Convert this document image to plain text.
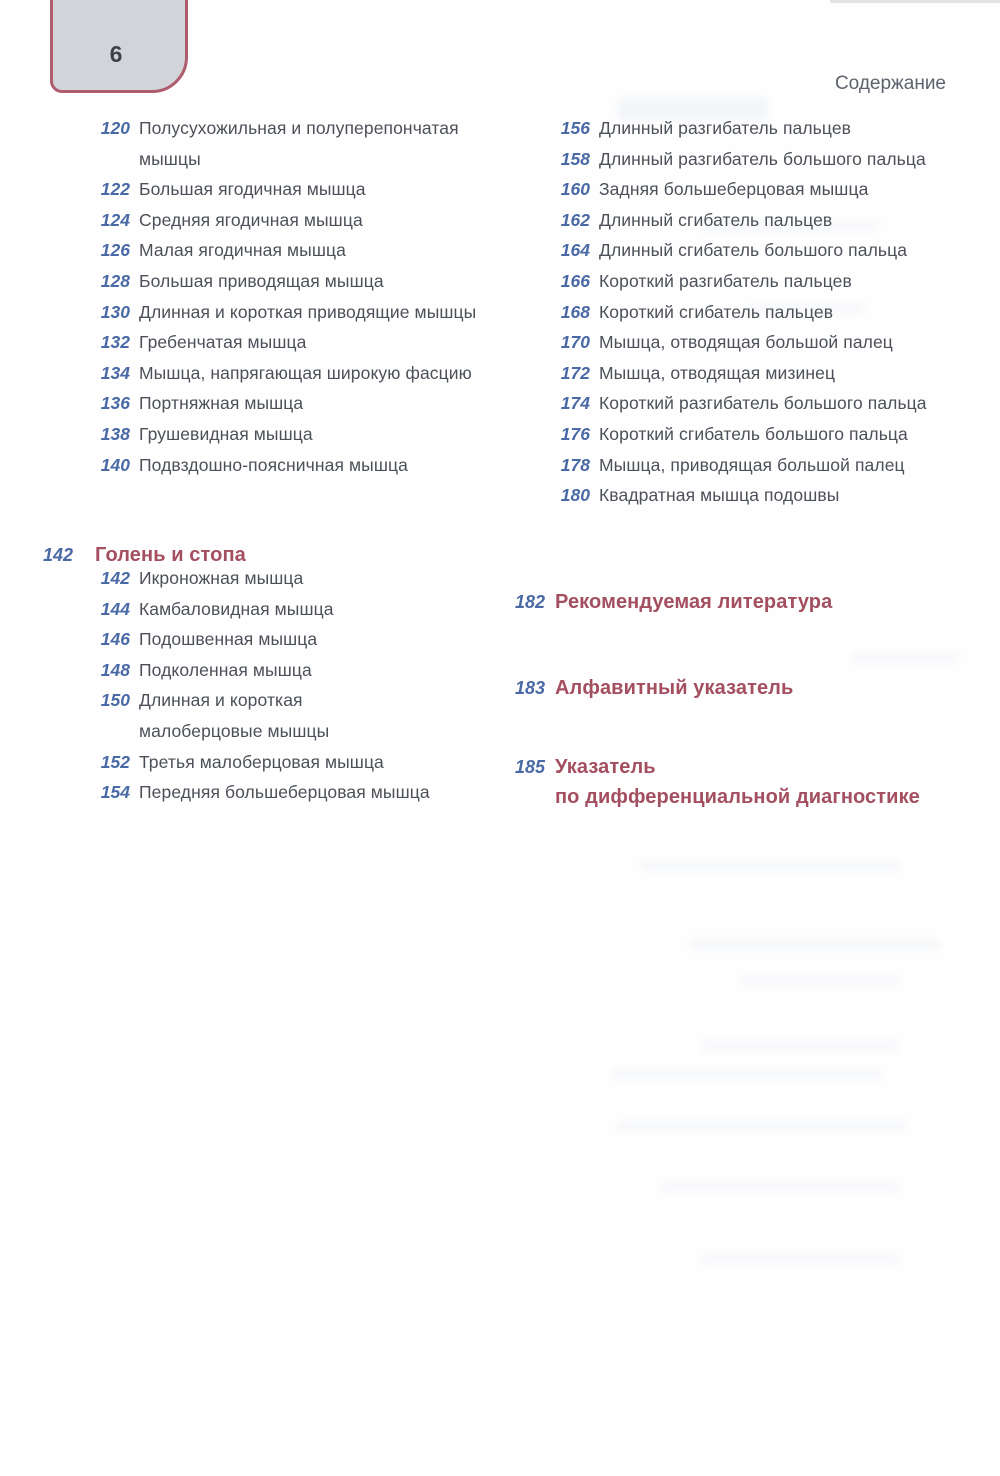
6
Содержание
120 Полусухожильная и полуперепончатая
мышцы
122 Большая ягодичная мышца
124 Средняя ягодичная мышца
126 Малая ягодичная мышца
128 Большая приводящая мышца
130 Длинная и короткая приводящие мышцы
132 Гребенчатая мышца
134 Мышца, напрягающая широкую фасцию
136 Портняжная мышца
138 Грушевидная мышца
140 Подвздошно-поясничная мышца
142	Голень и стопа
142 Икроножная мышца
144 Камбаловидная мышца
146 Подошвенная мышца
148 Подколенная мышца
150 Длинная и короткая
малоберцовые мышцы
152 Третья малоберцовая мышца
154 Передняя большеберцовая мышца
156 Длинный разгибатель пальцев
158 Длинный разгибатель большого пальца
160 Задняя большеберцовая мышца
162 Длинный сгибатель пальцев
164 Длинный сгибатель большого пальца
166 Короткий разгибатель пальцев
168 Короткий сгибатель пальцев
170 Мышца, отводящая большой палец
172 Мышца, отводящая мизинец
174 Короткий разгибатель большого пальца
176 Короткий сгибатель большого пальца
178 Мышца, приводящая большой палец
180 Квадратная мышца подошвы
182 Рекомендуемая литература
183 Алфавитный указатель
185 Указатель
по дифференциальной диагностике
